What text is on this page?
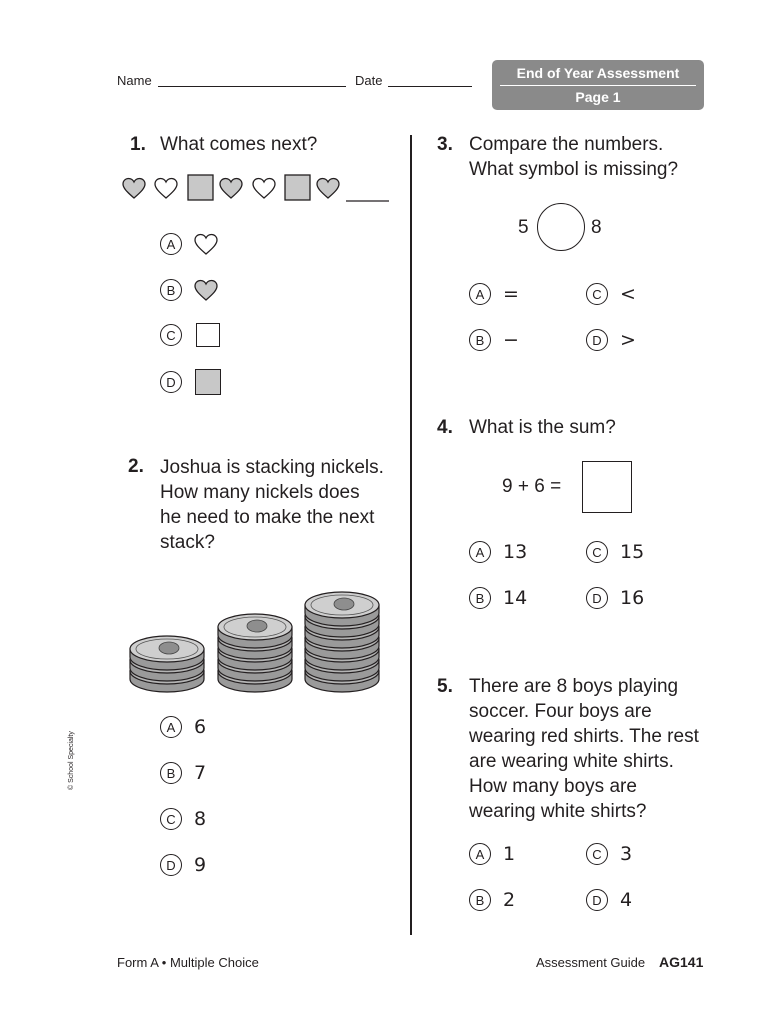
Name	Date	End of Year Assessment
Page 1
1. What comes next?
A
B
C
D
2. Joshua is stacking nickels.
How many nickels does
he need to make the next
stack?
A 6
B 7
C 8
D 9
3. Compare the numbers.
What symbol is missing?
5	8
A =
B −
C <
D >
4. What is the sum?
9 + 6 =
A 13
B 14
C 15
D 16
5. There are 8 boys playing
soccer. Four boys are
wearing red shirts. The rest
are wearing white shirts.
How many boys are
wearing white shirts?
A 1
B 2
C 3
D 4
© School Specialty
Form A • Multiple Choice	Assessment Guide AG141
